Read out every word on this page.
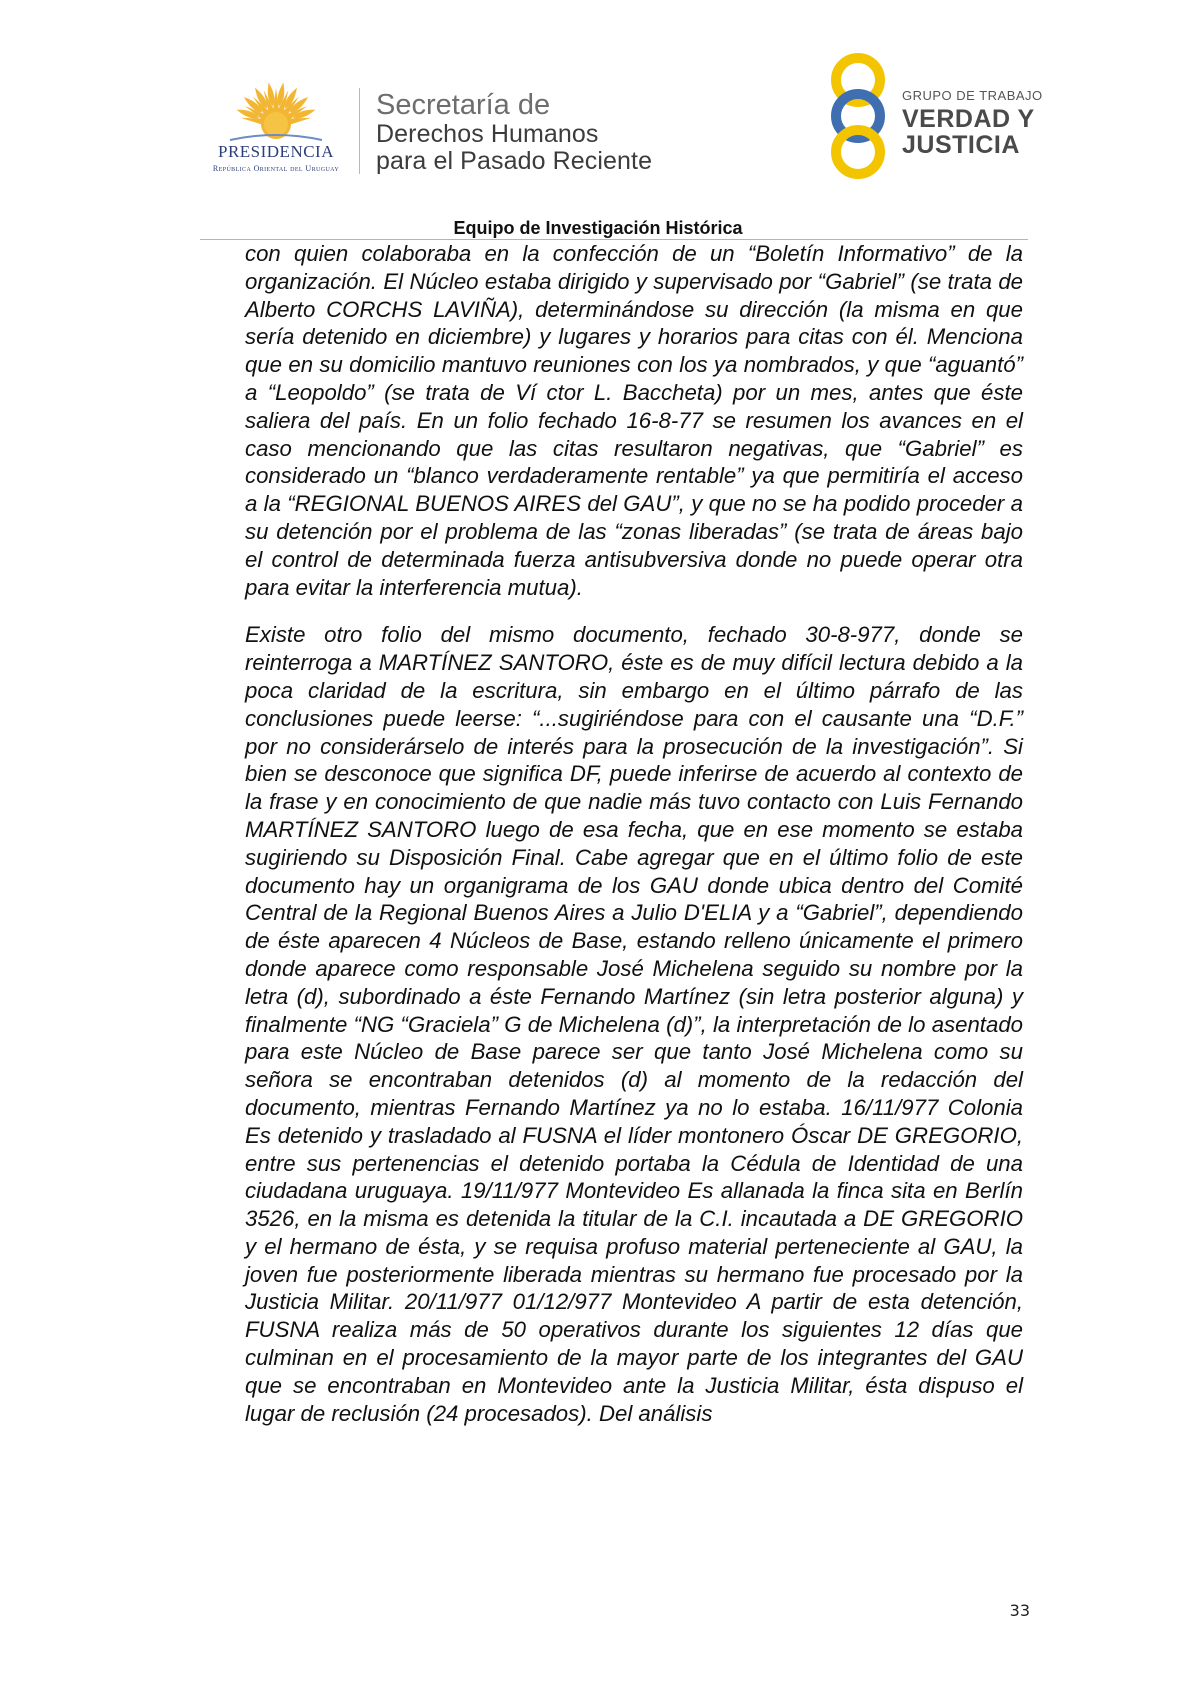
PRESIDENCIA
República Oriental del Uruguay
Secretaría de
Derechos Humanos
para el Pasado Reciente
GRUPO DE TRABAJO
VERDAD Y
JUSTICIA
Equipo de Investigación Histórica

con quien colaboraba en la confección de un “Boletín Informativo” de la organización. El Núcleo estaba dirigido y supervisado por “Gabriel” (se trata de Alberto CORCHS LAVIÑA), determinándose su dirección (la misma en que sería detenido en diciembre) y lugares y horarios para citas con él. Menciona que en su domicilio mantuvo reuniones con los ya nombrados, y que “aguantó” a “Leopoldo” (se trata de Ví ctor L. Baccheta) por un mes, antes que éste saliera del país. En un folio fechado 16-8-77 se resumen los avances en el caso mencionando que las citas resultaron negativas, que “Gabriel” es considerado un “blanco verdaderamente rentable” ya que permitiría el acceso a la “REGIONAL BUENOS AIRES del GAU”, y que no se ha podido proceder a su detención por el problema de las “zonas liberadas” (se trata de áreas bajo el control de determinada fuerza antisubversiva donde no puede operar otra para evitar la interferencia mutua).

Existe otro folio del mismo documento, fechado 30-8-977, donde se reinterroga a MARTÍNEZ SANTORO, éste es de muy difícil lectura debido a la poca claridad de la escritura, sin embargo en el último párrafo de las conclusiones puede leerse: “...sugiriéndose para con el causante una “D.F.” por no considerárselo de interés para la prosecución de la investigación”. Si bien se desconoce que significa DF, puede inferirse de acuerdo al contexto de la frase y en conocimiento de que nadie más tuvo contacto con Luis Fernando MARTÍNEZ SANTORO luego de esa fecha, que en ese momento se estaba sugiriendo su Disposición Final. Cabe agregar que en el último folio de este documento hay un organigrama de los GAU donde ubica dentro del Comité Central de la Regional Buenos Aires a Julio D'ELIA y a “Gabriel”, dependiendo de éste aparecen 4 Núcleos de Base, estando relleno únicamente el primero donde aparece como responsable José Michelena seguido su nombre por la letra (d), subordinado a éste Fernando Martínez (sin letra posterior alguna) y finalmente “NG “Graciela” G de Michelena (d)”, la interpretación de lo asentado para este Núcleo de Base parece ser que tanto José Michelena como su señora se encontraban detenidos (d) al momento de la redacción del documento, mientras Fernando Martínez ya no lo estaba. 16/11/977 Colonia Es detenido y trasladado al FUSNA el líder montonero Óscar DE GREGORIO, entre sus pertenencias el detenido portaba la Cédula de Identidad de una ciudadana uruguaya. 19/11/977 Montevideo Es allanada la finca sita en Berlín 3526, en la misma es detenida la titular de la C.I. incautada a DE GREGORIO y el hermano de ésta, y se requisa profuso material perteneciente al GAU, la joven fue posteriormente liberada mientras su hermano fue procesado por la Justicia Militar. 20/11/977 01/12/977 Montevideo A partir de esta detención, FUSNA realiza más de 50 operativos durante los siguientes 12 días que culminan en el procesamiento de la mayor parte de los integrantes del GAU que se encontraban en Montevideo ante la Justicia Militar, ésta dispuso el lugar de reclusión (24 procesados). Del análisis

33
